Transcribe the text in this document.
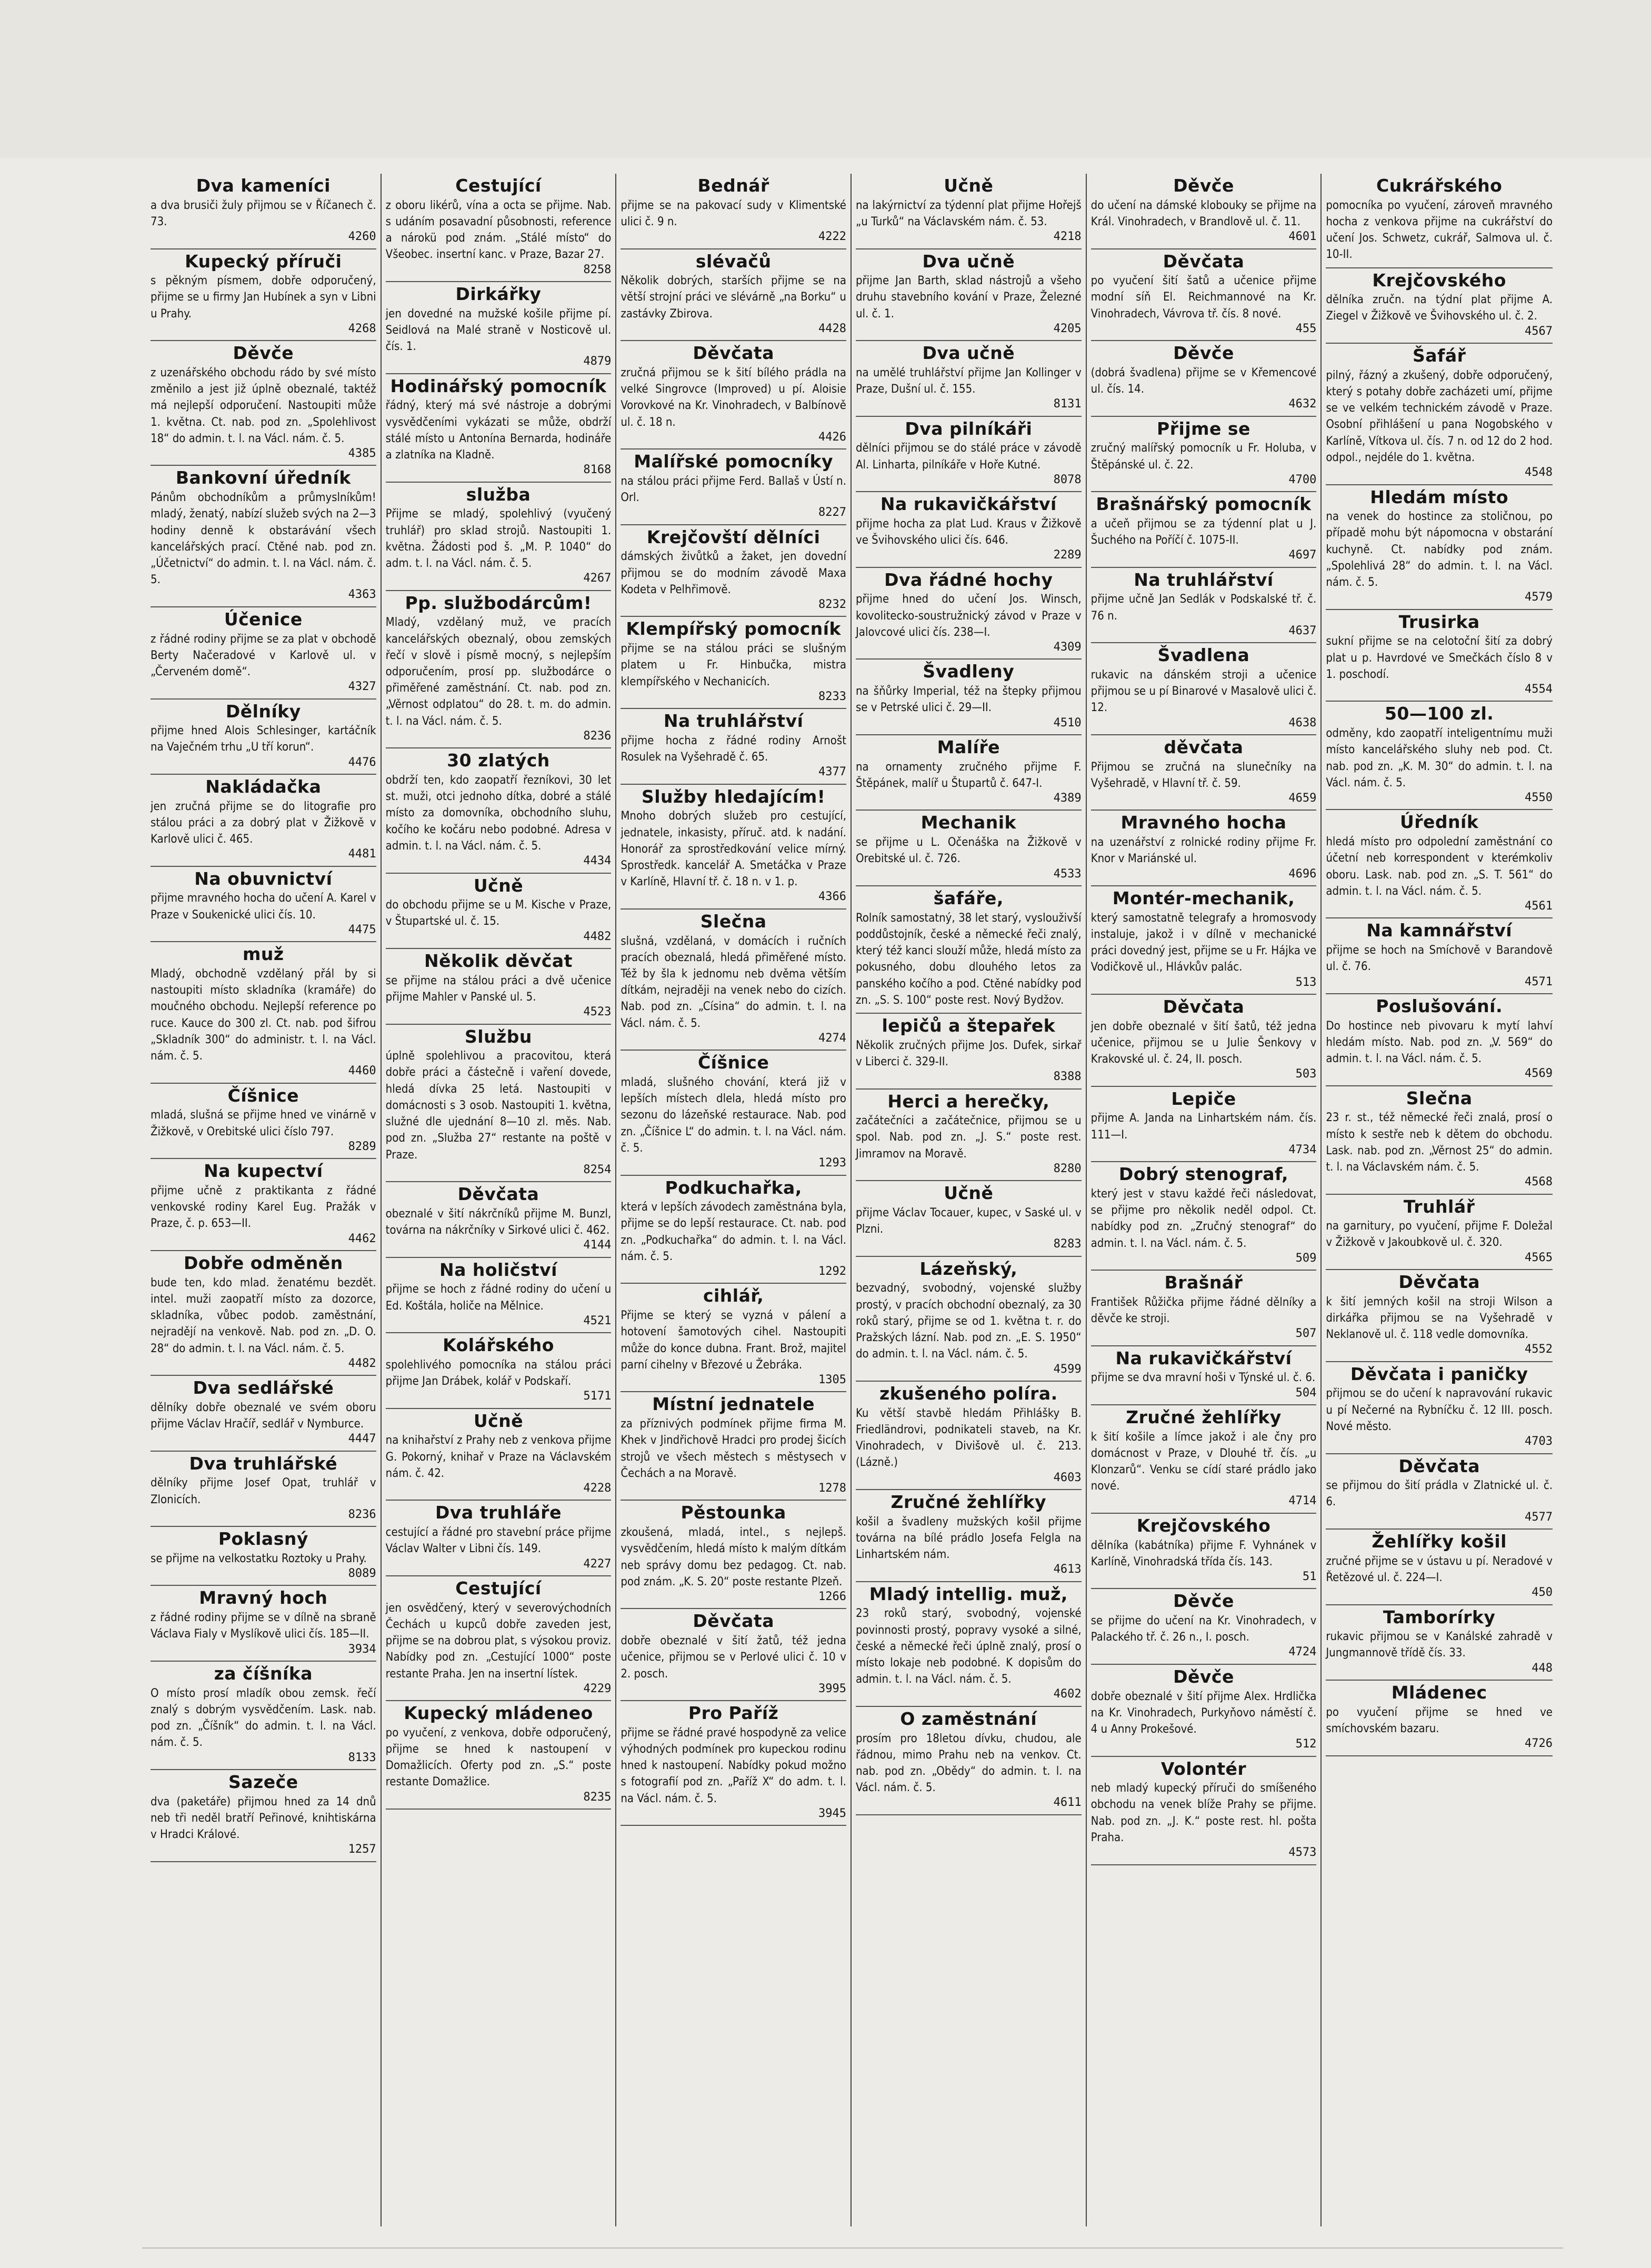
Dva kameníci

a dva brusiči žuly přijmou se v Říčanech č. 73.

4260
Kupecký příruči

s pěkným písmem, dobře odporučený, přijme se u firmy Jan Hubínek a syn v Libni u Prahy.

4268
Děvče

z uzenářského obchodu rádo by své místo změnilo a jest již úplně obeznalé, taktéž má nejlepší odporučení. Nastoupiti může 1. května. Ct. nab. pod zn. „Spolehlivost 18“ do admin. t. l. na Václ. nám. č. 5.

4385
Bankovní úředník

Pánům obchodníkům a průmyslníkům! mladý, ženatý, nabízí služeb svých na 2—3 hodiny denně k obstarávání všech kancelářských prací. Ctěné nab. pod zn. „Účetnictví“ do admin. t. l. na Václ. nám. č. 5.

4363
Účenice

z řádné rodiny přijme se za plat v obchodě Berty Načeradové v Karlově ul. v „Červeném domě“.

4327
Dělníky

přijme hned Alois Schlesinger, kartáčník na Vaječném trhu „U tří korun“.

4476
Nakládačka

jen zručná přijme se do litografie pro stálou práci a za dobrý plat v Žižkově v Karlově ulici č. 465.

4481
Na obuvnictví

přijme mravného hocha do učení A. Karel v Praze v Soukenické ulici čís. 10.

4475
muž

Mladý, obchodně vzdělaný přál by si nastoupiti místo skladníka (kramáře) do moučného obchodu. Nejlepší reference po ruce. Kauce do 300 zl. Ct. nab. pod šifrou „Skladník 300“ do administr. t. l. na Václ. nám. č. 5.

4460
Číšnice

mladá, slušná se přijme hned ve vinárně v Žižkově, v Orebitské ulici číslo 797.

8289
Na kupectví

přijme učně z praktikanta z řádné venkovské rodiny Karel Eug. Pražák v Praze, č. p. 653—II.

4462
Dobře odměněn

bude ten, kdo mlad. ženatému bezdět. intel. muži zaopatří místo za dozorce, skladníka, vůbec podob. zaměstnání, nejradějí na venkově. Nab. pod zn. „D. O. 28“ do admin. t. l. na Václ. nám. č. 5.

4482
Dva sedlářské

dělníky dobře obeznalé ve svém oboru přijme Václav Hračíř, sedlář v Nymburce.

4447
Dva truhlářské

dělníky přijme Josef Opat, truhlář v Zlonicích.

8236
Poklasný

se přijme na velkostatku Roztoky u Prahy.

8089
Mravný hoch

z řádné rodiny přijme se v dílně na sbraně Václava Fialy v Myslíkově ulici čís. 185—II.

3934
za číšníka

O místo prosí mladík obou zemsk. řečí znalý s dobrým vysvědčením. Lask. nab. pod zn. „Číšník“ do admin. t. l. na Václ. nám. č. 5.

8133
Sazeče

dva (paketáře) přijmou hned za 14 dnů neb tři neděl bratří Peřinové, knihtiskárna v Hradci Králové.

1257
Cestující

z oboru likérů, vína a octa se přijme. Nab. s udáním posavadní působnosti, reference a nárokü pod znám. „Stálé místo“ do Všeobec. insertní kanc. v Praze, Bazar 27.

8258
Dirkářky

jen dovedné na mužské košile přijme pí. Seidlová na Malé straně v Nosticově ul. čís. 1.

4879
Hodinářský pomocník

řádný, který má své nástroje a dobrými vysvědčeními vykázati se může, obdrží stálé místo u Antonína Bernarda, hodináře a zlatníka na Kladně.

8168
služba

Přijme se mladý, spolehlivý (vyučený truhlář) pro sklad strojů. Nastoupiti 1. května. Žádosti pod š. „M. P. 1040“ do adm. t. l. na Václ. nám. č. 5.

4267
Pp. službodárcům!

Mladý, vzdělaný muž, ve pracích kancelářských obeznalý, obou zemských řečí v slově i písmě mocný, s nejlepším odporučením, prosí pp. službodárce o přiměřené zaměstnání. Ct. nab. pod zn. „Věrnost odplatou“ do 28. t. m. do admin. t. l. na Václ. nám. č. 5.

8236
30 zlatých

obdrží ten, kdo zaopatří řezníkovi, 30 let st. muži, otci jednoho dítka, dobré a stálé místo za domovníka, obchodního sluhu, kočího ke kočáru nebo podobné. Adresa v admin. t. l. na Václ. nám. č. 5.

4434
Učně

do obchodu přijme se u M. Kische v Praze, v Štupartské ul. č. 15.

4482
Několik děvčat

se přijme na stálou práci a dvě učenice přijme Mahler v Panské ul. 5.

4523
Službu

úplně spolehlivou a pracovitou, která dobře práci a částečně i vaření dovede, hledá dívka 25 letá. Nastoupiti v domácnosti s 3 osob. Nastoupiti 1. května, služné dle ujednání 8—10 zl. měs. Nab. pod zn. „Služba 27“ restante na poště v Praze.

8254
Děvčata

obeznalé v šití nákrčníků přijme M. Bunzl, továrna na nákrčníky v Sirkové ulici č. 462.

4144
Na holičství

přijme se hoch z řádné rodiny do učení u Ed. Koštála, holiče na Mělnice.

4521
Kolářského

spolehlivého pomocníka na stálou práci přijme Jan Drábek, kolář v Podskaří.

5171
Učně

na knihařství z Prahy neb z venkova přijme G. Pokorný, knihař v Praze na Václavském nám. č. 42.

4228
Dva truhláře

cestující a řádné pro stavební práce přijme Václav Walter v Libni čís. 149.

4227
Cestující

jen osvědčený, který v severovýchodních Čechách u kupců dobře zaveden jest, přijme se na dobrou plat, s výsokou proviz. Nabídky pod zn. „Cestující 1000“ poste restante Praha. Jen na insertní lístek.

4229
Kupecký mládeneo

po vyučení, z venkova, dobře odporučený, přijme se hned k nastoupení v Domažlicích. Oferty pod zn. „S.“ poste restante Domažlice.

8235
Bednář

přijme se na pakovací sudy v Klimentské ulici č. 9 n.

4222
slévačů

Několik dobrých, starších přijme se na větší strojní práci ve slévárně „na Borku“ u zastávky Zbirova.

4428
Děvčata

zručná přijmou se k šití bílého prádla na velké Singrovce (Improved) u pí. Aloisie Vorovkové na Kr. Vinohradech, v Balbínově ul. č. 18 n.

4426
Malířské pomocníky

na stálou práci přijme Ferd. Ballaš v Ústí n. Orl.

8227
Krejčovští dělníci

dámských živůtků a žaket, jen dovední přijmou se do modním závodě Maxa Kodeta v Pelhřimově.

8232
Klempířský pomocník

přijme se na stálou práci se slušným platem u Fr. Hinbučka, mistra klempířského v Nechanicích.

8233
Na truhlářství

přijme hocha z řádné rodiny Arnošt Rosulek na Vyšehradě č. 65.

4377
Služby hledajícím!

Mnoho dobrých služeb pro cestující, jednatele, inkasisty, příruč. atd. k nadání. Honorář za sprostředkování velice mírný. Sprostředk. kancelář A. Smetáčka v Praze v Karlíně, Hlavní tř. č. 18 n. v 1. p.

4366
Slečna

slušná, vzdělaná, v domácích i ručních pracích obeznalá, hledá přiměřené místo. Též by šla k jednomu neb dvěma větším dítkám, nejraději na venek nebo do cizích. Nab. pod zn. „Císina“ do admin. t. l. na Václ. nám. č. 5.

4274
Číšnice

mladá, slušného chování, která již v lepších místech dlela, hledá místo pro sezonu do lázeňské restaurace. Nab. pod zn. „Číšnice L“ do admin. t. l. na Václ. nám. č. 5.

1293
Podkuchařka,

která v lepších závodech zaměstnána byla, přijme se do lepší restaurace. Ct. nab. pod zn. „Podkuchařka“ do admin. t. l. na Václ. nám. č. 5.

1292
cihlář,

Přijme se který se vyzná v pálení a hotovení šamotových cihel. Nastoupiti může do konce dubna. Frant. Brož, majitel parní cihelny v Březové u Žebráka.

1305
Místní jednatele

za příznivých podmínek přijme firma M. Khek v Jindřichově Hradci pro prodej šicích strojů ve všech městech s městysech v Čechách a na Moravě.

1278
Pěstounka

zkoušená, mladá, intel., s nejlepš. vysvědčením, hledá místo k malým dítkám neb správy domu bez pedagog. Ct. nab. pod znám. „K. S. 20“ poste restante Plzeň.

1266
Děvčata

dobře obeznalé v šití žatů, též jedna učenice, přijmou se v Perlové ulici č. 10 v 2. posch.

3995
Pro Paříž

přijme se řádné pravé hospodyně za velice výhodných podmínek pro kupeckou rodinu hned k nastoupení. Nabídky pokud možno s fotografií pod zn. „Paříž X“ do adm. t. l. na Václ. nám. č. 5.

3945
Učně

na lakýrnictví za týdenní plat přijme Hořejš „u Turků“ na Václavském nám. č. 53.

4218
Dva učně

přijme Jan Barth, sklad nástrojů a všeho druhu stavebního kování v Praze, Železné ul. č. 1.

4205
Dva učně

na umělé truhlářství přijme Jan Kollinger v Praze, Dušní ul. č. 155.

8131
Dva pilníkáři

dělníci přijmou se do stálé práce v závodě Al. Linharta, pilníkáře v Hoře Kutné.

8078
Na rukavičkářství

přijme hocha za plat Lud. Kraus v Žižkově ve Švihovského ulici čís. 646.

2289
Dva řádné hochy

přijme hned do učení Jos. Winsch, kovolitecko-soustružnický závod v Praze v Jalovcové ulici čís. 238—I.

4309
Švadleny

na šňůrky Imperial, též na štepky přijmou se v Petrské ulici č. 29—II.

4510
Malíře

na ornamenty zručného přijme F. Štěpánek, malíř u Štupartů č. 647-I.

4389
Mechanik

se přijme u L. Očenáška na Žižkově v Orebitské ul. č. 726.

4533
šafáře,

Rolník samostatný, 38 let starý, vyslouživší poddůstojník, české a německé řeči znalý, který též kanci slouží může, hledá místo za pokusného, dobu dlouhého letos za panského kočího a pod. Ctěné nabídky pod zn. „S. S. 100“ poste rest. Nový Bydžov.

lepičů a štepařek

Několik zručných přijme Jos. Dufek, sirkař v Liberci č. 329-II.

8388
Herci a herečky,

začátečníci a začátečnice, přijmou se u spol. Nab. pod zn. „J. S.“ poste rest. Jimramov na Moravě.

8280
Učně

přijme Václav Tocauer, kupec, v Saské ul. v Plzni.

8283
Lázeňský,

bezvadný, svobodný, vojenské služby prostý, v pracích obchodní obeznalý, za 30 roků starý, přijme se od 1. května t. r. do Pražských lázní. Nab. pod zn. „E. S. 1950“ do admin. t. l. na Václ. nám. č. 5.

4599
zkušeného políra.

Ku větší stavbě hledám Přihlášky B. Friedländrovi, podnikateli staveb, na Kr. Vinohradech, v Divišově ul. č. 213. (Lázně.)

4603
Zručné žehlířky

košil a švadleny mužských košil přijme továrna na bílé prádlo Josefa Felgla na Linhartském nám.

4613
Mladý intellig. muž,

23 roků starý, svobodný, vojenské povinnosti prostý, popravy vysoké a silné, české a německé řeči úplně znalý, prosí o místo lokaje neb podobné. K dopisům do admin. t. l. na Václ. nám. č. 5.

4602
O zaměstnání

prosím pro 18letou dívku, chudou, ale řádnou, mimo Prahu neb na venkov. Ct. nab. pod zn. „Obědy“ do admin. t. l. na Václ. nám. č. 5.

4611
Děvče

do učení na dámské klobouky se přijme na Král. Vinohradech, v Brandlově ul. č. 11.

4601
Děvčata

po vyučení šití šatů a učenice přijme modní síň El. Reichmannové na Kr. Vinohradech, Vávrova tř. čís. 8 nové.

455
Děvče

(dobrá švadlena) přijme se v Křemencové ul. čís. 14.

4632
Přijme se

zručný malířský pomocník u Fr. Holuba, v Štěpánské ul. č. 22.

4700
Brašnářský pomocník

a učeň přijmou se za týdenní plat u J. Šuchého na Poříčí č. 1075-II.

4697
Na truhlářství

přijme učně Jan Sedlák v Podskalské tř. č. 76 n.

4637
Švadlena

rukavic na dánském stroji a učenice přijmou se u pí Binarové v Masalově ulici č. 12.

4638
děvčata

Přijmou se zručná na slunečníky na Vyšehradě, v Hlavní tř. č. 59.

4659
Mravného hocha

na uzenářství z rolnické rodiny přijme Fr. Knor v Mariánské ul.

4696
Montér-mechanik,

který samostatně telegrafy a hromosvody instaluje, jakož i v dílně v mechanické práci dovedný jest, přijme se u Fr. Hájka ve Vodičkově ul., Hlávkův palác.

513
Děvčata

jen dobře obeznalé v šití šatů, též jedna učenice, přijmou se u Julie Šenkovy v Krakovské ul. č. 24, II. posch.

503
Lepiče

přijme A. Janda na Linhartském nám. čís. 111—I.

4734
Dobrý stenograf,

který jest v stavu každé řeči následovat, se přijme pro několik neděl odpol. Ct. nabídky pod zn. „Zručný stenograf“ do admin. t. l. na Václ. nám. č. 5.

509
Brašnář

František Růžička přijme řádné dělníky a děvče ke stroji.

507
Na rukavičkářství

přijme se dva mravní hoši v Týnské ul. č. 6.

504
Zručné žehlířky

k šití košile a límce jakož i ale čny pro domácnost v Praze, v Dlouhé tř. čís. „u Klonzarů“. Venku se cídí staré prádlo jako nové.

4714
Krejčovského

dělníka (kabátníka) přijme F. Vyhnánek v Karlíně, Vinohradská třída čís. 143.

51
Děvče

se přijme do učení na Kr. Vinohradech, v Palackého tř. č. 26 n., I. posch.

4724
Děvče

dobře obeznalé v šití přijme Alex. Hrdlička na Kr. Vinohradech, Purkyňovo náměstí č. 4 u Anny Prokešové.

512
Volontér

neb mladý kupecký příruči do smíšeného obchodu na venek blíže Prahy se přijme. Nab. pod zn. „J. K.“ poste rest. hl. pošta Praha.

4573
Cukrářského

pomocníka po vyučení, zároveň mravného hocha z venkova přijme na cukrářství do učení Jos. Schwetz, cukrář, Salmova ul. č. 10-II.

Krejčovského

dělníka zručn. na týdní plat přijme A. Ziegel v Žižkově ve Švihovského ul. č. 2.

4567
Šafář

pilný, řázný a zkušený, dobře odporučený, který s potahy dobře zacházeti umí, přijme se ve velkém technickém závodě v Praze. Osobní přihlášení u pana Nogobského v Karlíně, Vítkova ul. čís. 7 n. od 12 do 2 hod. odpol., nejdéle do 1. května.

4548
Hledám místo

na venek do hostince za stoličnou, po případě mohu být nápomocna v obstarání kuchyně. Ct. nabídky pod znám. „Spolehlivá 28“ do admin. t. l. na Václ. nám. č. 5.

4579
Trusirka

sukní přijme se na celotoční šití za dobrý plat u p. Havrdové ve Smečkách číslo 8 v 1. poschodí.

4554
50—100 zl.

odměny, kdo zaopatří inteligentnímu muži místo kancelářského sluhy neb pod. Ct. nab. pod zn. „K. M. 30“ do admin. t. l. na Václ. nám. č. 5.

4550
Úředník

hledá místo pro odpolední zaměstnání co účetní neb korrespondent v kterémkoliv oboru. Lask. nab. pod zn. „S. T. 561“ do admin. t. l. na Václ. nám. č. 5.

4561
Na kamnářství

přijme se hoch na Smíchově v Barandově ul. č. 76.

4571
Poslušování.

Do hostince neb pivovaru k mytí lahví hledám místo. Nab. pod zn. „V. 569“ do admin. t. l. na Václ. nám. č. 5.

4569
Slečna

23 r. st., též německé řeči znalá, prosí o místo k sestře neb k dětem do obchodu. Lask. nab. pod zn. „Věrnost 25“ do admin. t. l. na Václavském nám. č. 5.

4568
Truhlář

na garnitury, po vyučení, přijme F. Doležal v Žižkově v Jakoubkově ul. č. 320.

4565
Děvčata

k šití jemných košil na stroji Wilson a dirkářka přijmou se na Vyšehradě v Neklanově ul. č. 118 vedle domovníka.

4552
Děvčata i paničky

přijmou se do učení k napravování rukavic u pí Nečerné na Rybníčku č. 12 III. posch. Nové město.

4703
Děvčata

se přijmou do šití prádla v Zlatnické ul. č. 6.

4577
Žehlířky košil

zručné přijme se v ústavu u pí. Neradové v Řetězové ul. č. 224—I.

450
Tamborírky

rukavic přijmou se v Kanálské zahradě v Jungmannově třídě čís. 33.

448
Mládenec

po vyučení přijme se hned ve smíchovském bazaru.

4726
